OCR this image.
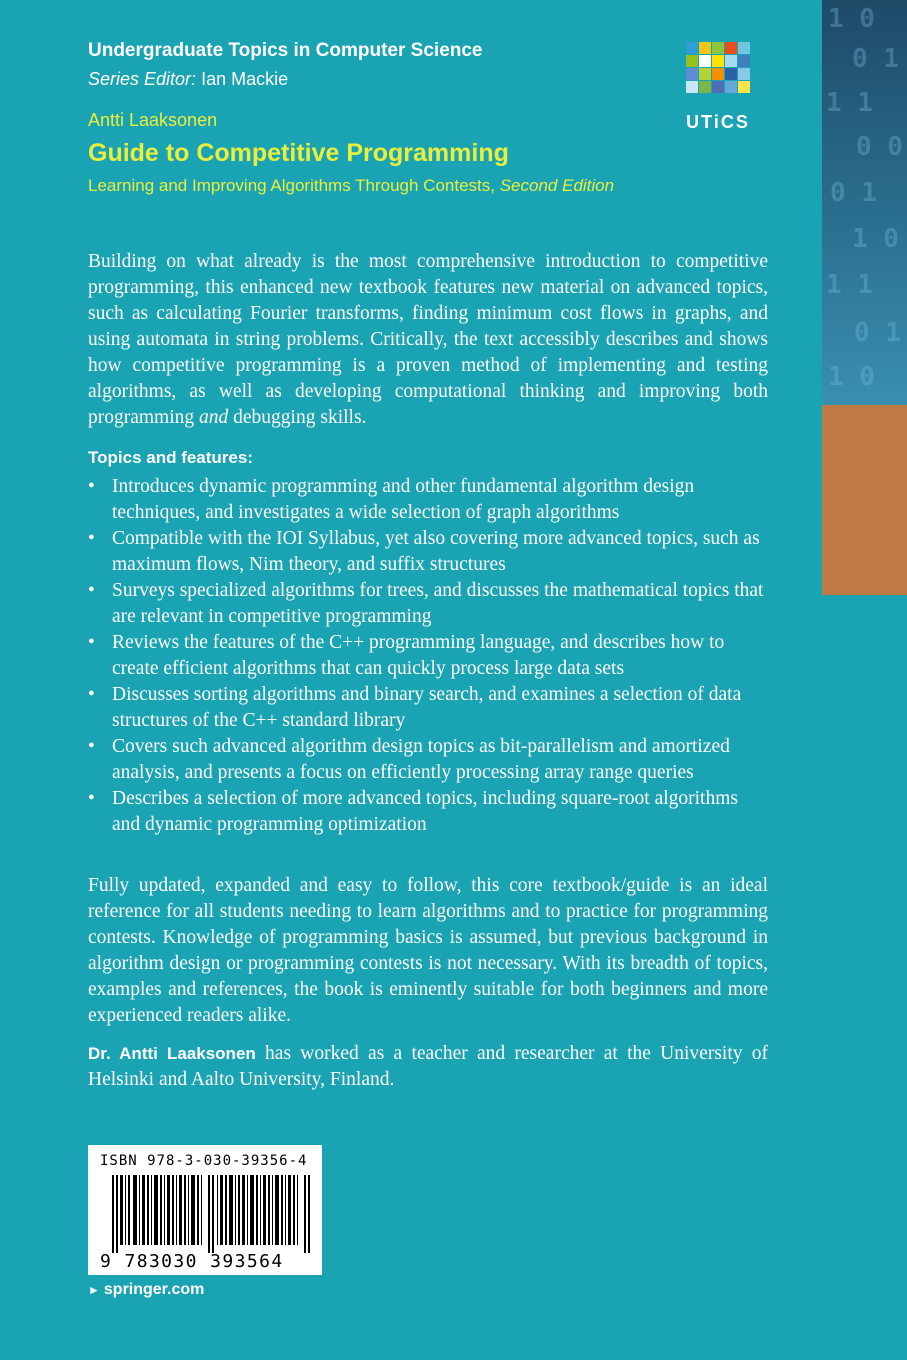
1 0
0 1
1 1
0 0
0 1
1 0
1 1
0 1
1 0
Undergraduate Topics in Computer Science
Series Editor: Ian Mackie
UTiCS
Antti Laaksonen
Guide to Competitive Programming
Learning and Improving Algorithms Through Contests, Second Edition
Building on what already is the most comprehensive introduction to competitive programming, this enhanced new textbook features new material on advanced topics, such as calculating Fourier transforms, finding minimum cost flows in graphs, and using automata in string problems. Critically, the text accessibly describes and shows how competitive programming is a proven method of implementing and testing algorithms, as well as developing computational thinking and improving both programming and debugging skills.
Topics and features:
• Introduces dynamic programming and other fundamental algorithm design techniques, and investigates a wide selection of graph algorithms
• Compatible with the IOI Syllabus, yet also covering more advanced topics, such as maximum flows, Nim theory, and suffix structures
• Surveys specialized algorithms for trees, and discusses the mathematical topics that are relevant in competitive programming
• Reviews the features of the C++ programming language, and describes how to create efficient algorithms that can quickly process large data sets
• Discusses sorting algorithms and binary search, and examines a selection of data structures of the C++ standard library
• Covers such advanced algorithm design topics as bit-parallelism and amortized analysis, and presents a focus on efficiently processing array range queries
• Describes a selection of more advanced topics, including square-root algorithms and dynamic programming optimization
Fully updated, expanded and easy to follow, this core textbook/guide is an ideal reference for all students needing to learn algorithms and to practice for programming contests. Knowledge of programming basics is assumed, but previous background in algorithm design or programming contests is not necessary. With its breadth of topics, examples and references, the book is eminently suitable for both beginners and more experienced readers alike.
Dr. Antti Laaksonen has worked as a teacher and researcher at the University of Helsinki and Aalto University, Finland.
ISBN 978-3-030-39356-4
9 783030 393564
► springer.com
